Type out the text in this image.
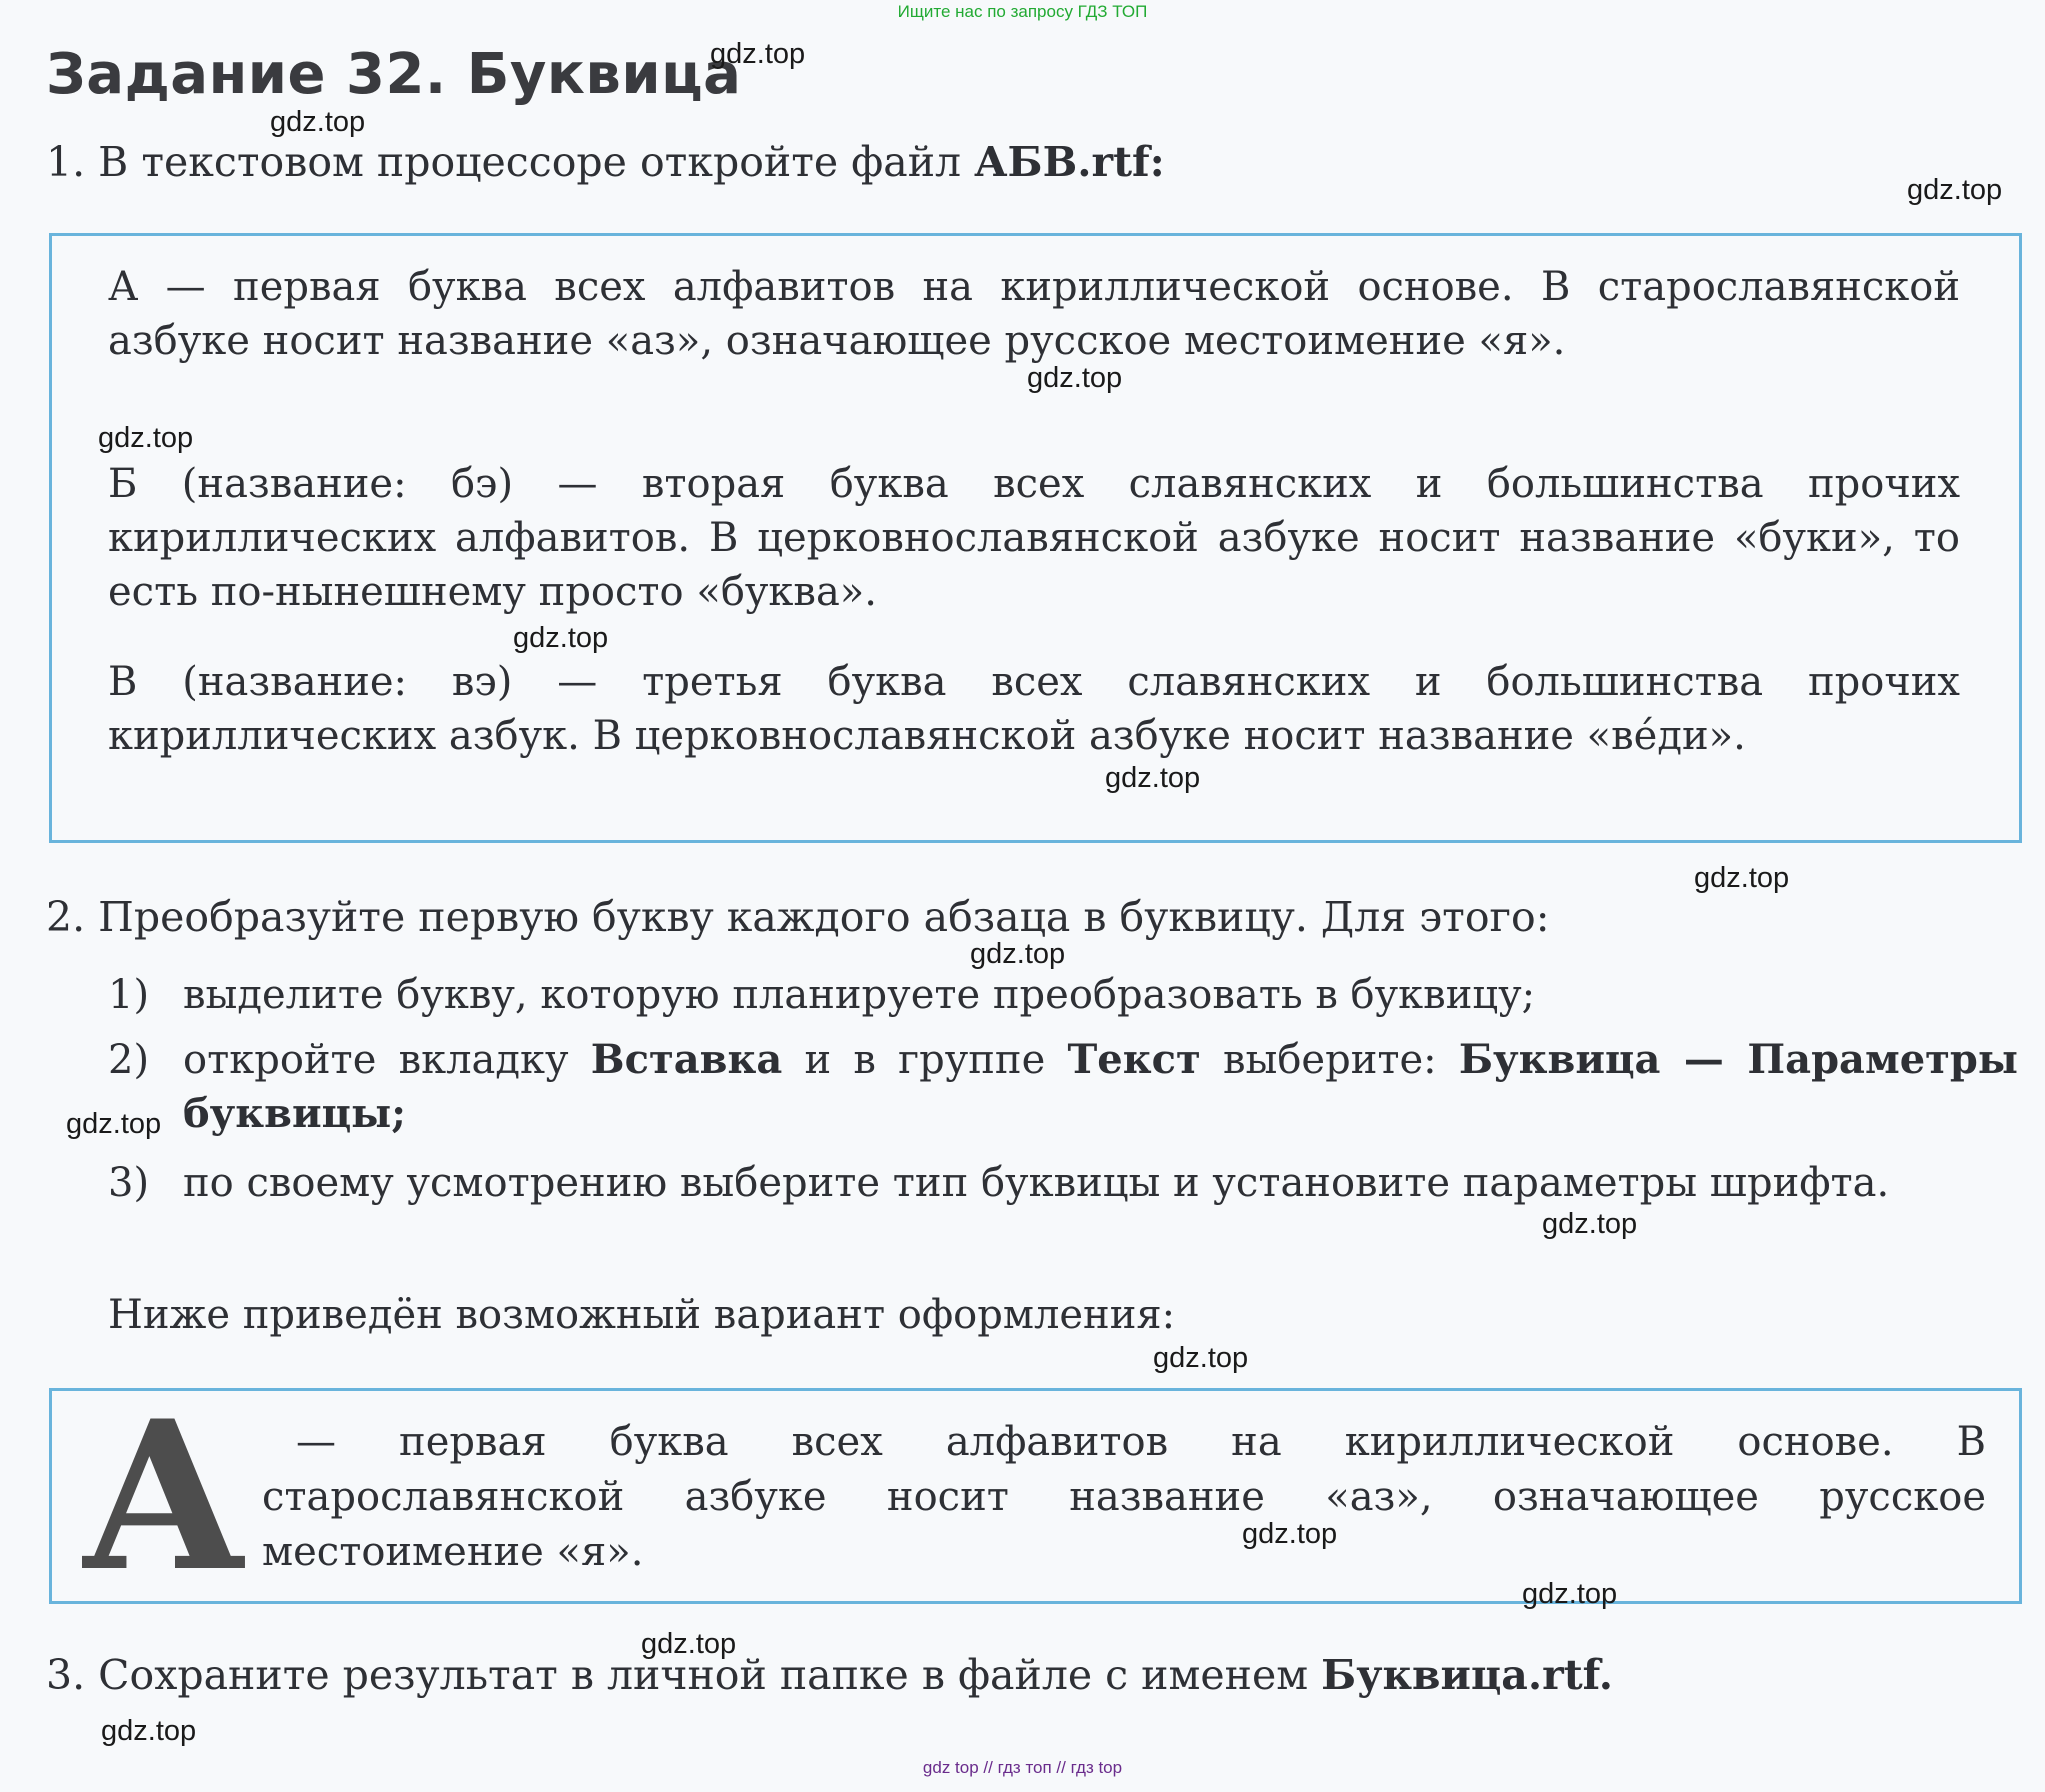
Ищите нас по запросу ГДЗ ТОП
Задание 32. Буквица
1. В текстовом процессоре откройте файл АБВ.rtf:
А — первая буква всех алфавитов на кириллической основе. В старославянской азбуке носит название «аз», означающее русское местоимение «я».
Б (название: бэ) — вторая буква всех славянских и большинства прочих кириллических алфавитов. В церковнославянской азбуке носит название «буки», то есть по-нынешнему просто «буква».
В (название: вэ) — третья буква всех славянских и большинства прочих кириллических азбук. В церковнославянской азбуке носит название «вéди».
2. Преобразуйте первую букву каждого абзаца в буквицу. Для этого:
1) выделите букву, которую планируете преобразовать в буквицу;
2) откройте вкладку Вставка и в группе Текст выберите: Буквица — Параметры буквицы;
3) по своему усмотрению выберите тип буквицы и установите параметры шрифта.
Ниже приведён возможный вариант оформления:
А — первая буква всех алфавитов на кириллической основе. В
старославянской азбуке носит название «аз», означающее русское
местоимение «я».
3. Сохраните результат в личной папке в файле с именем Буквица.rtf.
gdz.top
gdz.top
gdz.top
gdz.top
gdz.top
gdz.top
gdz.top
gdz.top
gdz.top
gdz.top
gdz.top
gdz.top
gdz.top
gdz.top
gdz.top
gdz.top
gdz top // гдз топ // гдз top
